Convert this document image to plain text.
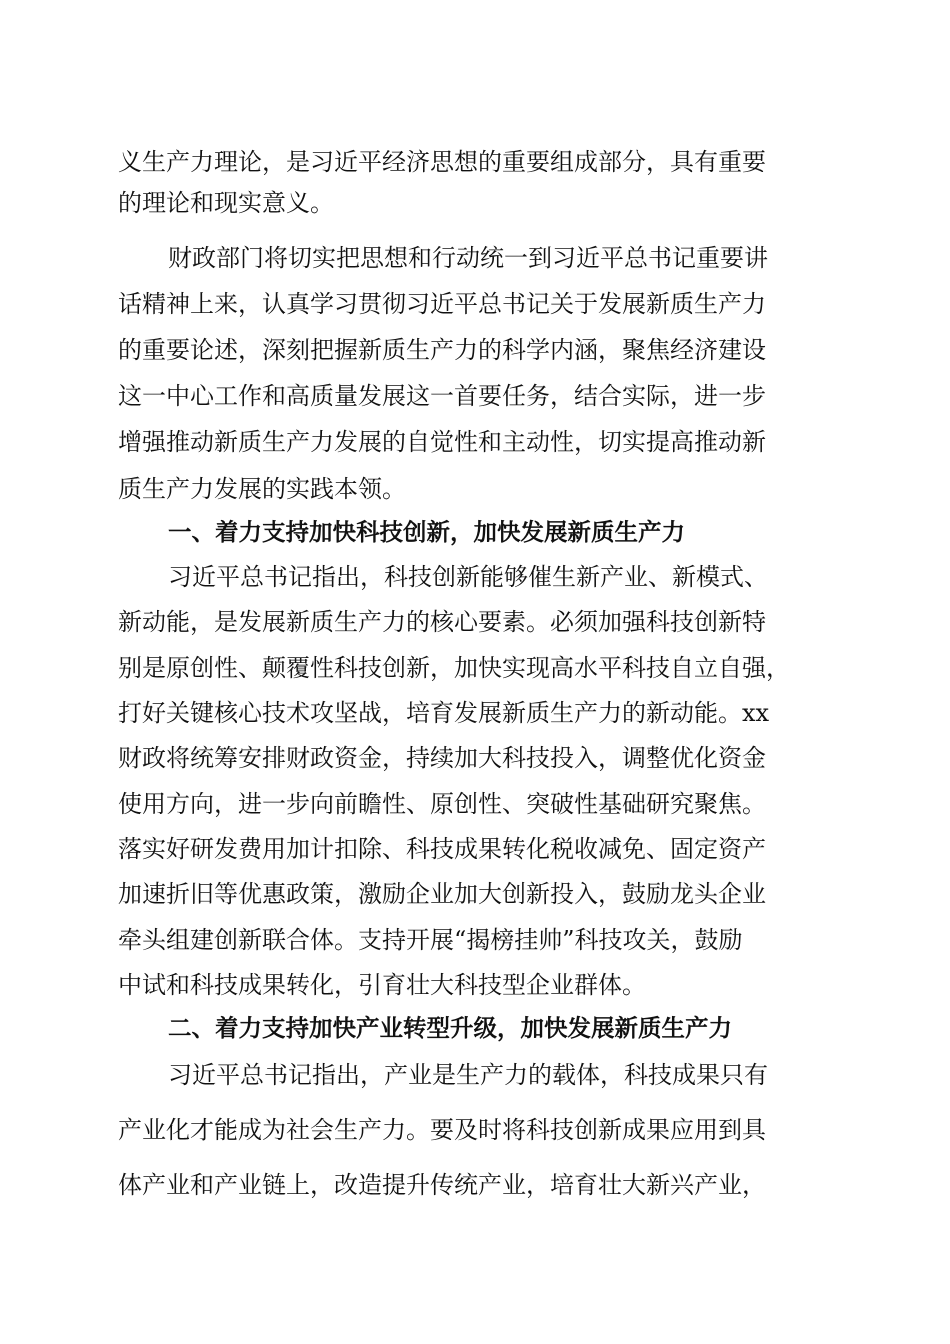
义生产力理论，是习近平经济思想的重要组成部分，具有重要
的理论和现实意义。
财政部门将切实把思想和行动统一到习近平总书记重要讲
话精神上来，认真学习贯彻习近平总书记关于发展新质生产力
的重要论述，深刻把握新质生产力的科学内涵，聚焦经济建设
这一中心工作和高质量发展这一首要任务，结合实际，进一步
增强推动新质生产力发展的自觉性和主动性，切实提高推动新
质生产力发展的实践本领。
一、着力支持加快科技创新，加快发展新质生产力
习近平总书记指出，科技创新能够催生新产业、新模式、
新动能，是发展新质生产力的核心要素。必须加强科技创新特
别是原创性、颠覆性科技创新，加快实现高水平科技自立自强，
打好关键核心技术攻坚战，培育发展新质生产力的新动能。xx
财政将统筹安排财政资金，持续加大科技投入，调整优化资金
使用方向，进一步向前瞻性、原创性、突破性基础研究聚焦。
落实好研发费用加计扣除、科技成果转化税收减免、固定资产
加速折旧等优惠政策，激励企业加大创新投入，鼓励龙头企业
牵头组建创新联合体。支持开展“揭榜挂帅”科技攻关，鼓励
中试和科技成果转化，引育壮大科技型企业群体。
二、着力支持加快产业转型升级，加快发展新质生产力
习近平总书记指出，产业是生产力的载体，科技成果只有
产业化才能成为社会生产力。要及时将科技创新成果应用到具
体产业和产业链上，改造提升传统产业，培育壮大新兴产业，
